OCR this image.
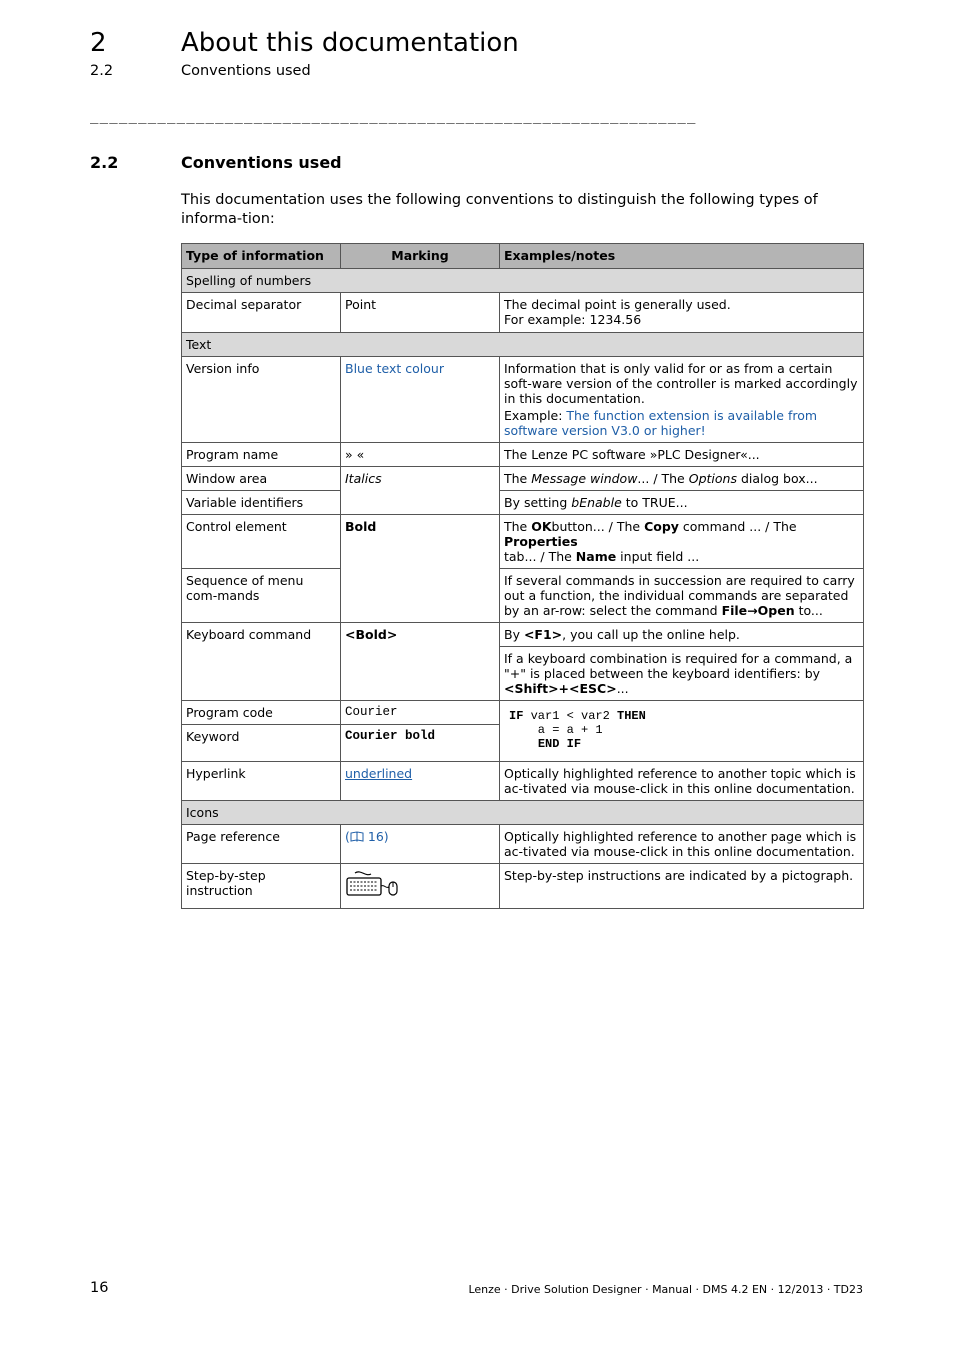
2	About this documentation
2.2	Conventions used
_______________________________________________________________
2.2	Conventions used
This documentation uses the following conventions to distinguish the following types of informa-tion:
Type of information	Marking	Examples/notes
Spelling of numbers		
Decimal separator	Point	The decimal point is generally used.
For example: 1234.56

Text		
Version info	Blue text colour	Information that is only valid for or as from a certain soft-ware version of the controller is marked accordingly in this documentation.
Example: The function extension is available from software version V3.0 or higher!

Program name	» «	The Lenze PC software »PLC Designer«...
Window area	Italics	The Message window... / The Options dialog box...
Variable identifiers		By setting bEnable to TRUE...
Control element	Bold	The OKbutton... / The Copy command ... / The Properties
tab... / The Name input field ...
Sequence of menu com-mands		If several commands in succession are required to carry out a function, the individual commands are separated by an ar-row: select the command File→Open to...
Keyboard command	<Bold>	By <F1>, you call up the online help.
		If a keyboard combination is required for a command, a "+" is placed between the keyboard identifiers: by <Shift>+<ESC>...
Program code	Courier	IF var1 < var2 THEN
a = a + 1
END IF

Keyword	Courier bold	
Hyperlink	underlined	Optically highlighted reference to another topic which is ac-tivated via mouse-click in this online documentation.
Icons		
Page reference	( 16)	Optically highlighted reference to another page which is ac-tivated via mouse-click in this online documentation.
Step-by-step instruction		Step-by-step instructions are indicated by a pictograph.
16	Lenze · Drive Solution Designer · Manual · DMS 4.2 EN · 12/2013 · TD23
